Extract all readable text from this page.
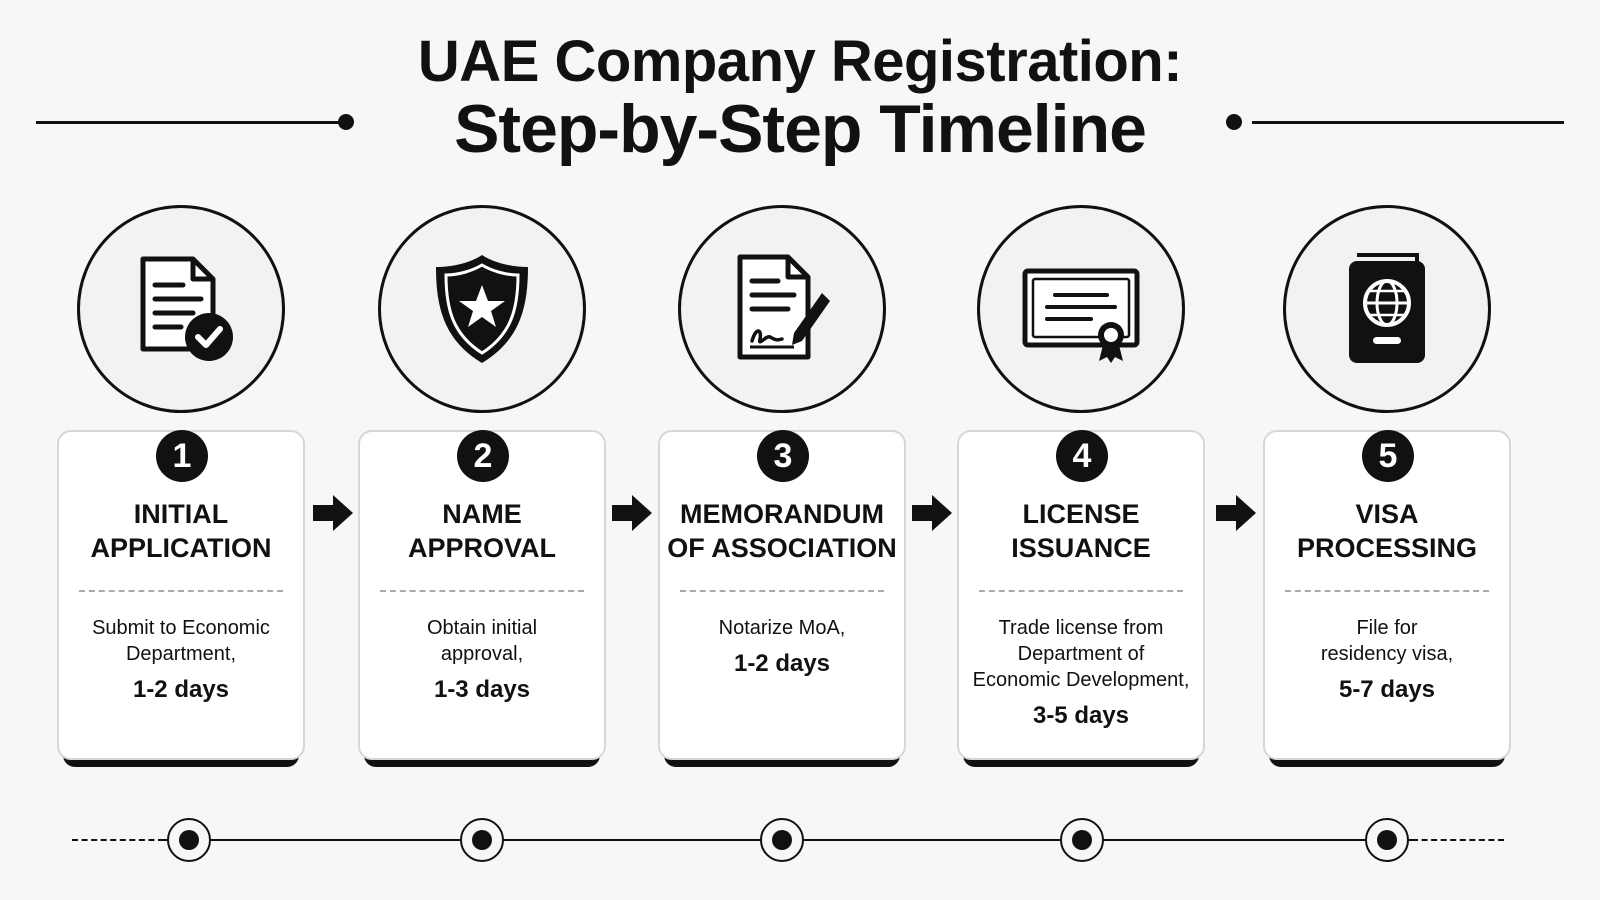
UAE Company Registration:
Step-by-Step Timeline
1
INITIAL
APPLICATION
Submit to Economic
Department,
1-2 days
2
NAME
APPROVAL
Obtain initial
approval,
1-3 days
3
MEMORANDUM
OF ASSOCIATION
Notarize MoA,
1-2 days
4
LICENSE
ISSUANCE
Trade license from
Department of
Economic Development,
3-5 days
5
VISA
PROCESSING
File for
residency visa,
5-7 days
